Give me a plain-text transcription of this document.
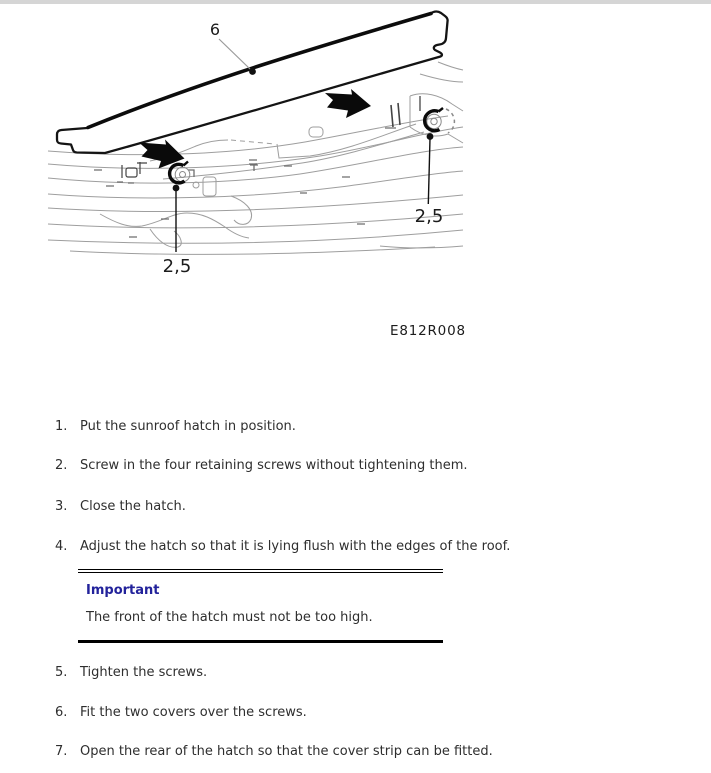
6
2,5
2,5
E812R008
1. Put the sunroof hatch in position.
2. Screw in the four retaining screws without tightening them.
3. Close the hatch.
4. Adjust the hatch so that it is lying flush with the edges of the roof.
Important
The front of the hatch must not be too high.
5. Tighten the screws.
6. Fit the two covers over the screws.
7. Open the rear of the hatch so that the cover strip can be fitted.
